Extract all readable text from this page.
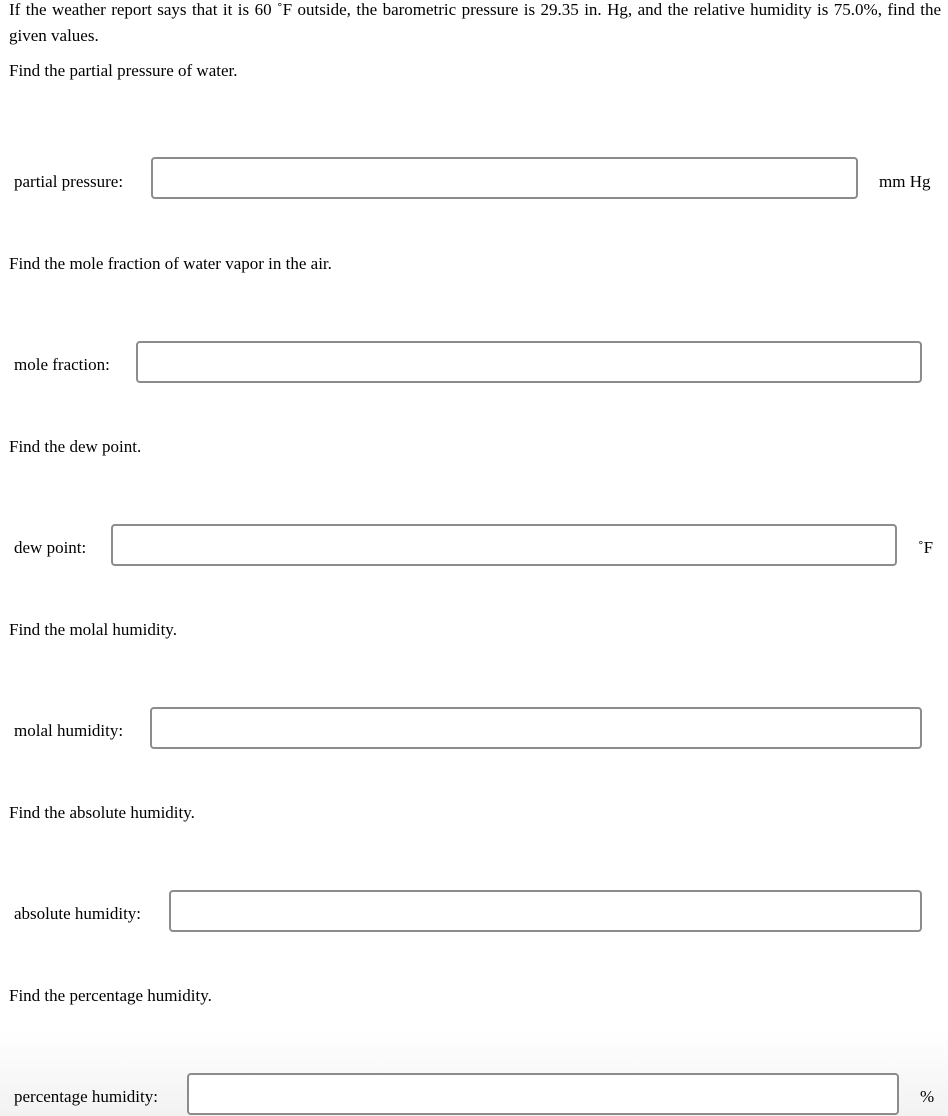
If the weather report says that it is 60 ˚F outside, the barometric pressure is 29.35 in. Hg, and the relative humidity is 75.0%, find the given values.
Find the partial pressure of water.
partial pressure:	mm Hg
Find the mole fraction of water vapor in the air.
mole fraction:
Find the dew point.
dew point:	˚F
Find the molal humidity.
molal humidity:
Find the absolute humidity.
absolute humidity:
Find the percentage humidity.
percentage humidity:	%
